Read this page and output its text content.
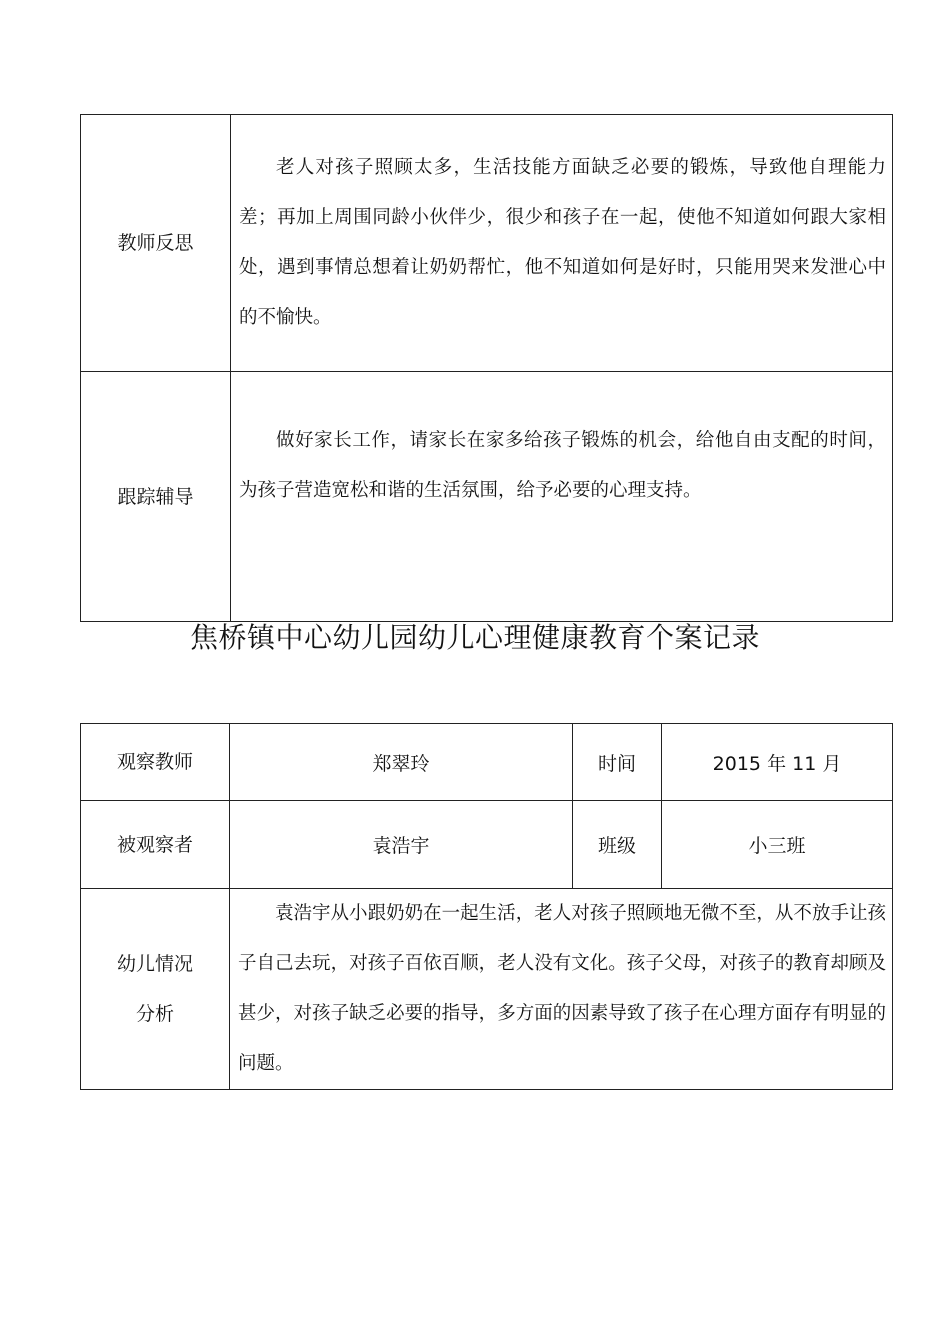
教师反思	老人对孩子照顾太多，生活技能方面缺乏必要的锻炼，导致他自理能力差；再加上周围同龄小伙伴少，很少和孩子在一起，使他不知道如何跟大家相处，遇到事情总想着让奶奶帮忙，他不知道如何是好时，只能用哭来发泄心中的不愉快。

跟踪辅导	做好家长工作，请家长在家多给孩子锻炼的机会，给他自由支配的时间，为孩子营造宽松和谐的生活氛围，给予必要的心理支持。
焦桥镇中心幼儿园幼儿心理健康教育个案记录
观察教师	郑翠玲	时间	2015 年 11 月
被观察者	袁浩宇	班级	小三班

幼儿情况
分析	袁浩宇从小跟奶奶在一起生活，老人对孩子照顾地无微不至，从不放手让孩子自己去玩，对孩子百依百顺，老人没有文化。孩子父母，对孩子的教育却顾及甚少，对孩子缺乏必要的指导，多方面的因素导致了孩子在心理方面存有明显的问题。		
